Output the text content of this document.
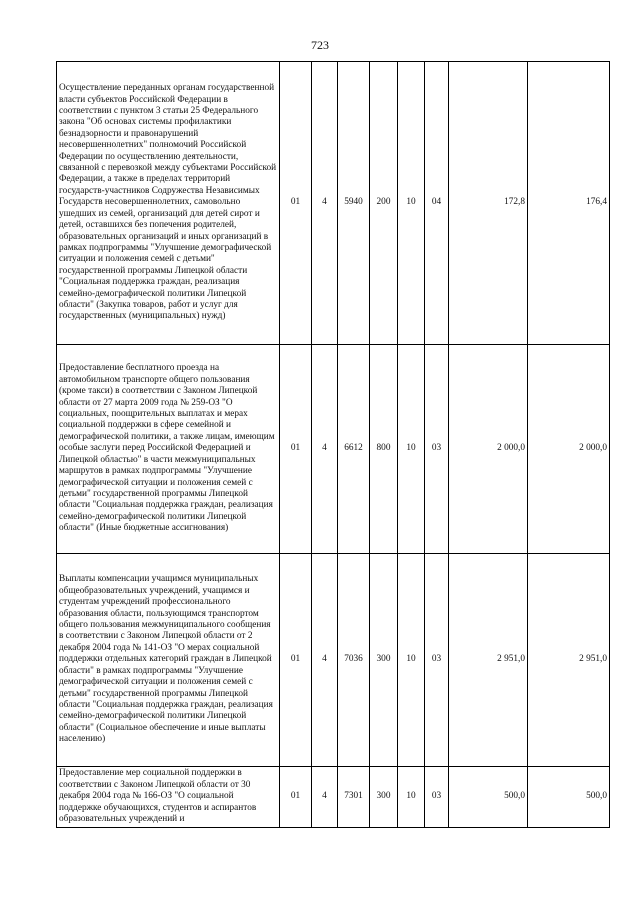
723
Осуществление переданных органам государственной власти субъектов Российской Федерации в соответствии с пунктом 3 статьи 25 Федерального закона "Об основах системы профилактики безнадзорности и правонарушений несовершеннолетних" полномочий Российской Федерации по осуществлению деятельности, связанной с перевозкой между субъектами Российской Федерации, а также в пределах территорий государств-участников Содружества Независимых Государств несовершеннолетних, самовольно ушедших из семей, организаций для детей сирот и детей, оставшихся без попечения родителей, образовательных организаций и иных организаций в рамках подпрограммы "Улучшение демографической ситуации и положения семей с детьми" государственной программы Липецкой области "Социальная поддержка граждан, реализация семейно-демографической политики Липецкой области" (Закупка товаров, работ и услуг для государственных (муниципальных) нужд)	01	4	5940	200	10	04	172,8	176,4
Предоставление бесплатного проезда на автомобильном транспорте общего пользования (кроме такси) в соответствии с Законом Липецкой области от 27 марта 2009 года № 259-ОЗ "О социальных, поощрительных выплатах и мерах социальной поддержки в сфере семейной и демографической политики, а также лицам, имеющим особые заслуги перед Российской Федерацией и Липецкой областью" в части межмуниципальных маршрутов в рамках подпрограммы "Улучшение демографической ситуации и положения семей с детьми" государственной программы Липецкой области "Социальная поддержка граждан, реализация семейно-демографической политики Липецкой области" (Иные бюджетные ассигнования)	01	4	6612	800	10	03	2 000,0	2 000,0
Выплаты компенсации учащимся муниципальных общеобразовательных учреждений, учащимся и студентам учреждений профессионального образования области, пользующимся транспортом общего пользования межмуниципального сообщения в соответствии с Законом Липецкой области от 2 декабря 2004 года № 141-ОЗ "О мерах социальной поддержки отдельных категорий граждан в Липецкой области" в рамках подпрограммы "Улучшение демографической ситуации и положения семей с детьми" государственной программы Липецкой области "Социальная поддержка граждан, реализация семейно-демографической политики Липецкой области" (Социальное обеспечение и иные выплаты населению)	01	4	7036	300	10	03	2 951,0	2 951,0
Предоставление мер социальной поддержки в соответствии с Законом Липецкой области от 30 декабря 2004 года № 166-ОЗ "О социальной поддержке обучающихся, студентов и аспирантов образовательных учреждений и	01	4	7301	300	10	03	500,0	500,0
